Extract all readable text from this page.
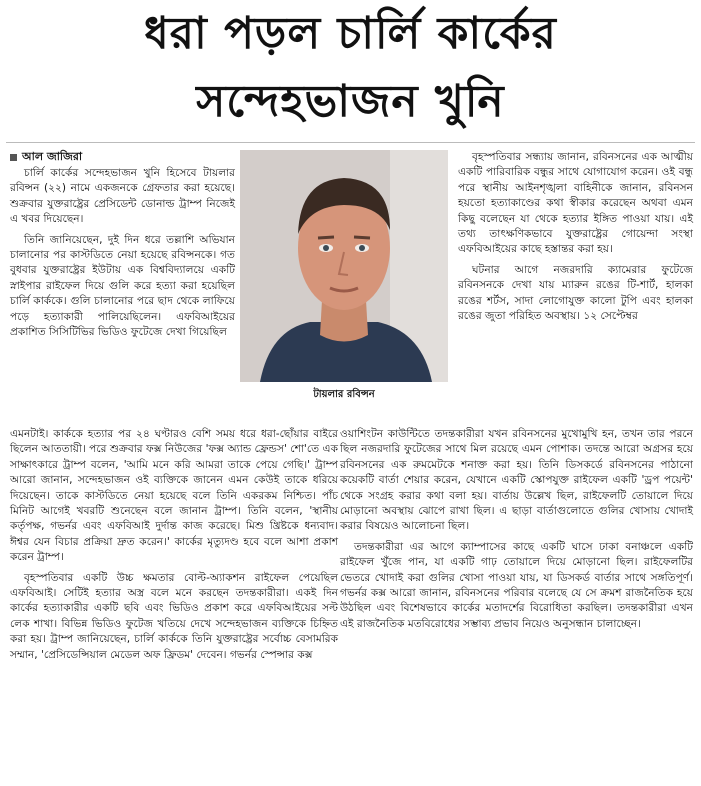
ধরা পড়ল চার্লি কার্কের
সন্দেহভাজন খুনি
আল জাজিরা

চার্লি কার্কের সন্দেহভাজন খুনি হিসেবে টায়লার রবিন্সন (২২) নামে একজনকে গ্রেফতার করা হয়েছে। শুক্রবার যুক্তরাষ্ট্রের প্রেসিডেন্ট ডোনাল্ড ট্রাম্প নিজেই এ খবর দিয়েছেন।

তিনি জানিয়েছেন, দুই দিন ধরে তল্লাশি অভিযান চালানোর পর কাস্টডিতে নেয়া হয়েছে রবিন্সনকে। গত বুধবার যুক্তরাষ্ট্রের ইউটায় এক বিশ্ববিদ্যালয়ে একটি স্নাইপার রাইফেল দিয়ে গুলি করে হত্যা করা হয়েছিল চার্লি কার্ককে। গুলি চালানোর পরে ছাদ থেকে লাফিয়ে পড়ে হত্যাকারী পালিয়েছিলেন। এফবিআইয়ের প্রকাশিত সিসিটিভির ভিডিও ফুটেজে দেখা গিয়েছিল

টায়লার রবিন্সন

বৃহস্পতিবার সন্ধ্যায় জানান, রবিনসনের এক আত্মীয় একটি পারিবারিক বন্ধুর সাথে যোগাযোগ করেন। ওই বন্ধু পরে স্থানীয় আইনশৃঙ্খলা বাহিনীকে জানান, রবিনসন হয়তো হত্যাকাণ্ডের কথা স্বীকার করেছেন অথবা এমন কিছু বলেছেন যা থেকে হত্যার ইঙ্গিত পাওয়া যায়। এই তথ্য তাৎক্ষণিকভাবে যুক্তরাষ্ট্রের গোয়েন্দা সংস্থা এফবিআইয়ের কাছে হস্তান্তর করা হয়।

ঘটনার আগে নজরদারি ক্যামেরার ফুটেজে রবিনসনকে দেখা যায় ম্যারুন রঙের টি-শার্ট, হালকা রঙের শর্টস, সাদা লোগোযুক্ত কালো টুপি এবং হালকা রঙের জুতা পরিহিত অবস্থায়। ১২ সেপ্টেম্বর

এমনটাই। কার্ককে হত্যার পর ২৪ ঘণ্টারও বেশি সময় ধরে ধরা-ছোঁয়ার বাইরে ছিলেন আততায়ী। পরে শুক্রবার ফক্স নিউজের 'ফক্স অ্যান্ড ফ্রেন্ডস' শো'তে এক সাক্ষাৎকারে ট্রাম্প বলেন, 'আমি মনে করি আমরা তাকে পেয়ে গেছি।' ট্রাম্প আরো জানান, সন্দেহভাজন ওই ব্যক্তিকে জানেন এমন কেউই তাকে ধরিয়ে দিয়েছেন। তাকে কাস্টডিতে নেয়া হয়েছে বলে তিনি একরকম নিশ্চিত। পাঁচ মিনিট আগেই খবরটি শুনেছেন বলে জানান ট্রাম্প। তিনি বলেন, 'স্থানীয় কর্তৃপক্ষ, গভর্নর এবং এফবিআই দুর্দান্ত কাজ করেছে। মিশু খ্রিষ্টকে ধন্যবাদ। ঈশ্বর যেন বিচার প্রক্রিয়া দ্রুত করেন।' কার্কের মৃত্যুদণ্ড হবে বলে আশা প্রকাশ করেন ট্রাম্প।

বৃহস্পতিবার একটি উচ্চ ক্ষমতার বোল্ট-অ্যাকশন রাইফেল পেয়েছিল এফবিআই। সেটিই হত্যার অস্ত্র বলে মনে করছেন তদন্তকারীরা। একই দিন কার্কের হত্যাকারীর একটি ছবি এবং ভিডিও প্রকাশ করে এফবিআইয়ের সল্ট লেক শাখা। বিভিন্ন ভিডিও ফুটেজ খতিয়ে দেখে সন্দেহভাজন ব্যক্তিকে চিহ্নিত করা হয়। ট্রাম্প জানিয়েছেন, চার্লি কার্ককে তিনি যুক্তরাষ্ট্রের সর্বোচ্চ বেসামরিক সম্মান, 'প্রেসিডেন্সিয়াল মেডেল অফ ফ্রিডম' দেবেন। গভর্নর স্পেন্সার কক্স

ওয়াশিংটন কাউন্টিতে তদন্তকারীরা যখন রবিনসনের মুখোমুখি হন, তখন তার পরনে ছিল নজরদারি ফুটেজের সাথে মিল রয়েছে এমন পোশাক। তদন্তে আরো অগ্রসর হয়ে রবিনসনের এক রুমমেটকে শনাক্ত করা হয়। তিনি ডিসকর্ডে রবিনসনের পাঠানো কয়েকটি বার্তা শেয়ার করেন, যেখানে একটি স্কোপযুক্ত রাইফেল একটি 'ড্রপ পয়েন্ট' থেকে সংগ্রহ করার কথা বলা হয়। বার্তায় উল্লেখ ছিল, রাইফেলটি তোয়ালে দিয়ে মোড়ানো অবস্থায় ঝোপে রাখা ছিল। এ ছাড়া বার্তাগুলোতে গুলির খোসায় খোদাই করার বিষয়েও আলোচনা ছিল।

তদন্তকারীরা এর আগে ক্যাম্পাসের কাছে একটি ঘাসে ঢাকা বনাঞ্চলে একটি রাইফেল খুঁজে পান, যা একটি গাঢ় তোয়ালে দিয়ে মোড়ানো ছিল। রাইফেলটির ভেতরে খোদাই করা গুলির খোসা পাওয়া যায়, যা ডিসকর্ড বার্তার সাথে সঙ্গতিপূর্ণ। গভর্নর কক্স আরো জানান, রবিনসনের পরিবার বলেছে যে সে ক্রমশ রাজনৈতিক হয়ে উঠছিল এবং বিশেষভাবে কার্কের মতাদর্শের বিরোধিতা করছিল। তদন্তকারীরা এখন এই রাজনৈতিক মতবিরোধের সম্ভাব্য প্রভাব নিয়েও অনুসন্ধান চালাচ্ছেন।
